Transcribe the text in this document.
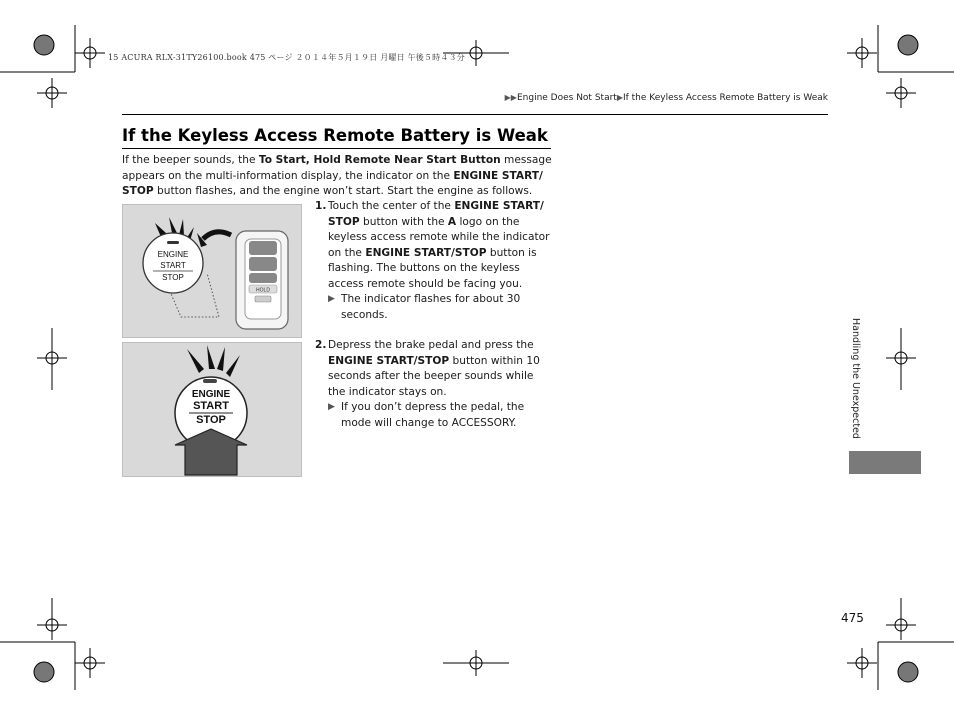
15 ACURA RLX-31TY26100.book 475 ページ ２０１４年５月１９日 月曜日 午後５時４３分
▶▶Engine Does Not Start▶If the Keyless Access Remote Battery is Weak
If the Keyless Access Remote Battery is Weak
If the beeper sounds, the To Start, Hold Remote Near Start Button message appears on the multi-information display, the indicator on the ENGINE START/ STOP button flashes, and the engine won’t start. Start the engine as follows.
1. Touch the center of the ENGINE START/ STOP button with the A logo on the keyless access remote while the indicator on the ENGINE START/STOP button is flashing. The buttons on the keyless access remote should be facing you.
▶ The indicator flashes for about 30 seconds.
2. Depress the brake pedal and press the ENGINE START/STOP button within 10 seconds after the beeper sounds while the indicator stays on.
▶ If you don’t depress the pedal, the mode will change to ACCESSORY.
ENGINE
START
STOP
HOLD
ENGINE
START
STOP	Handling the Unexpected
475
